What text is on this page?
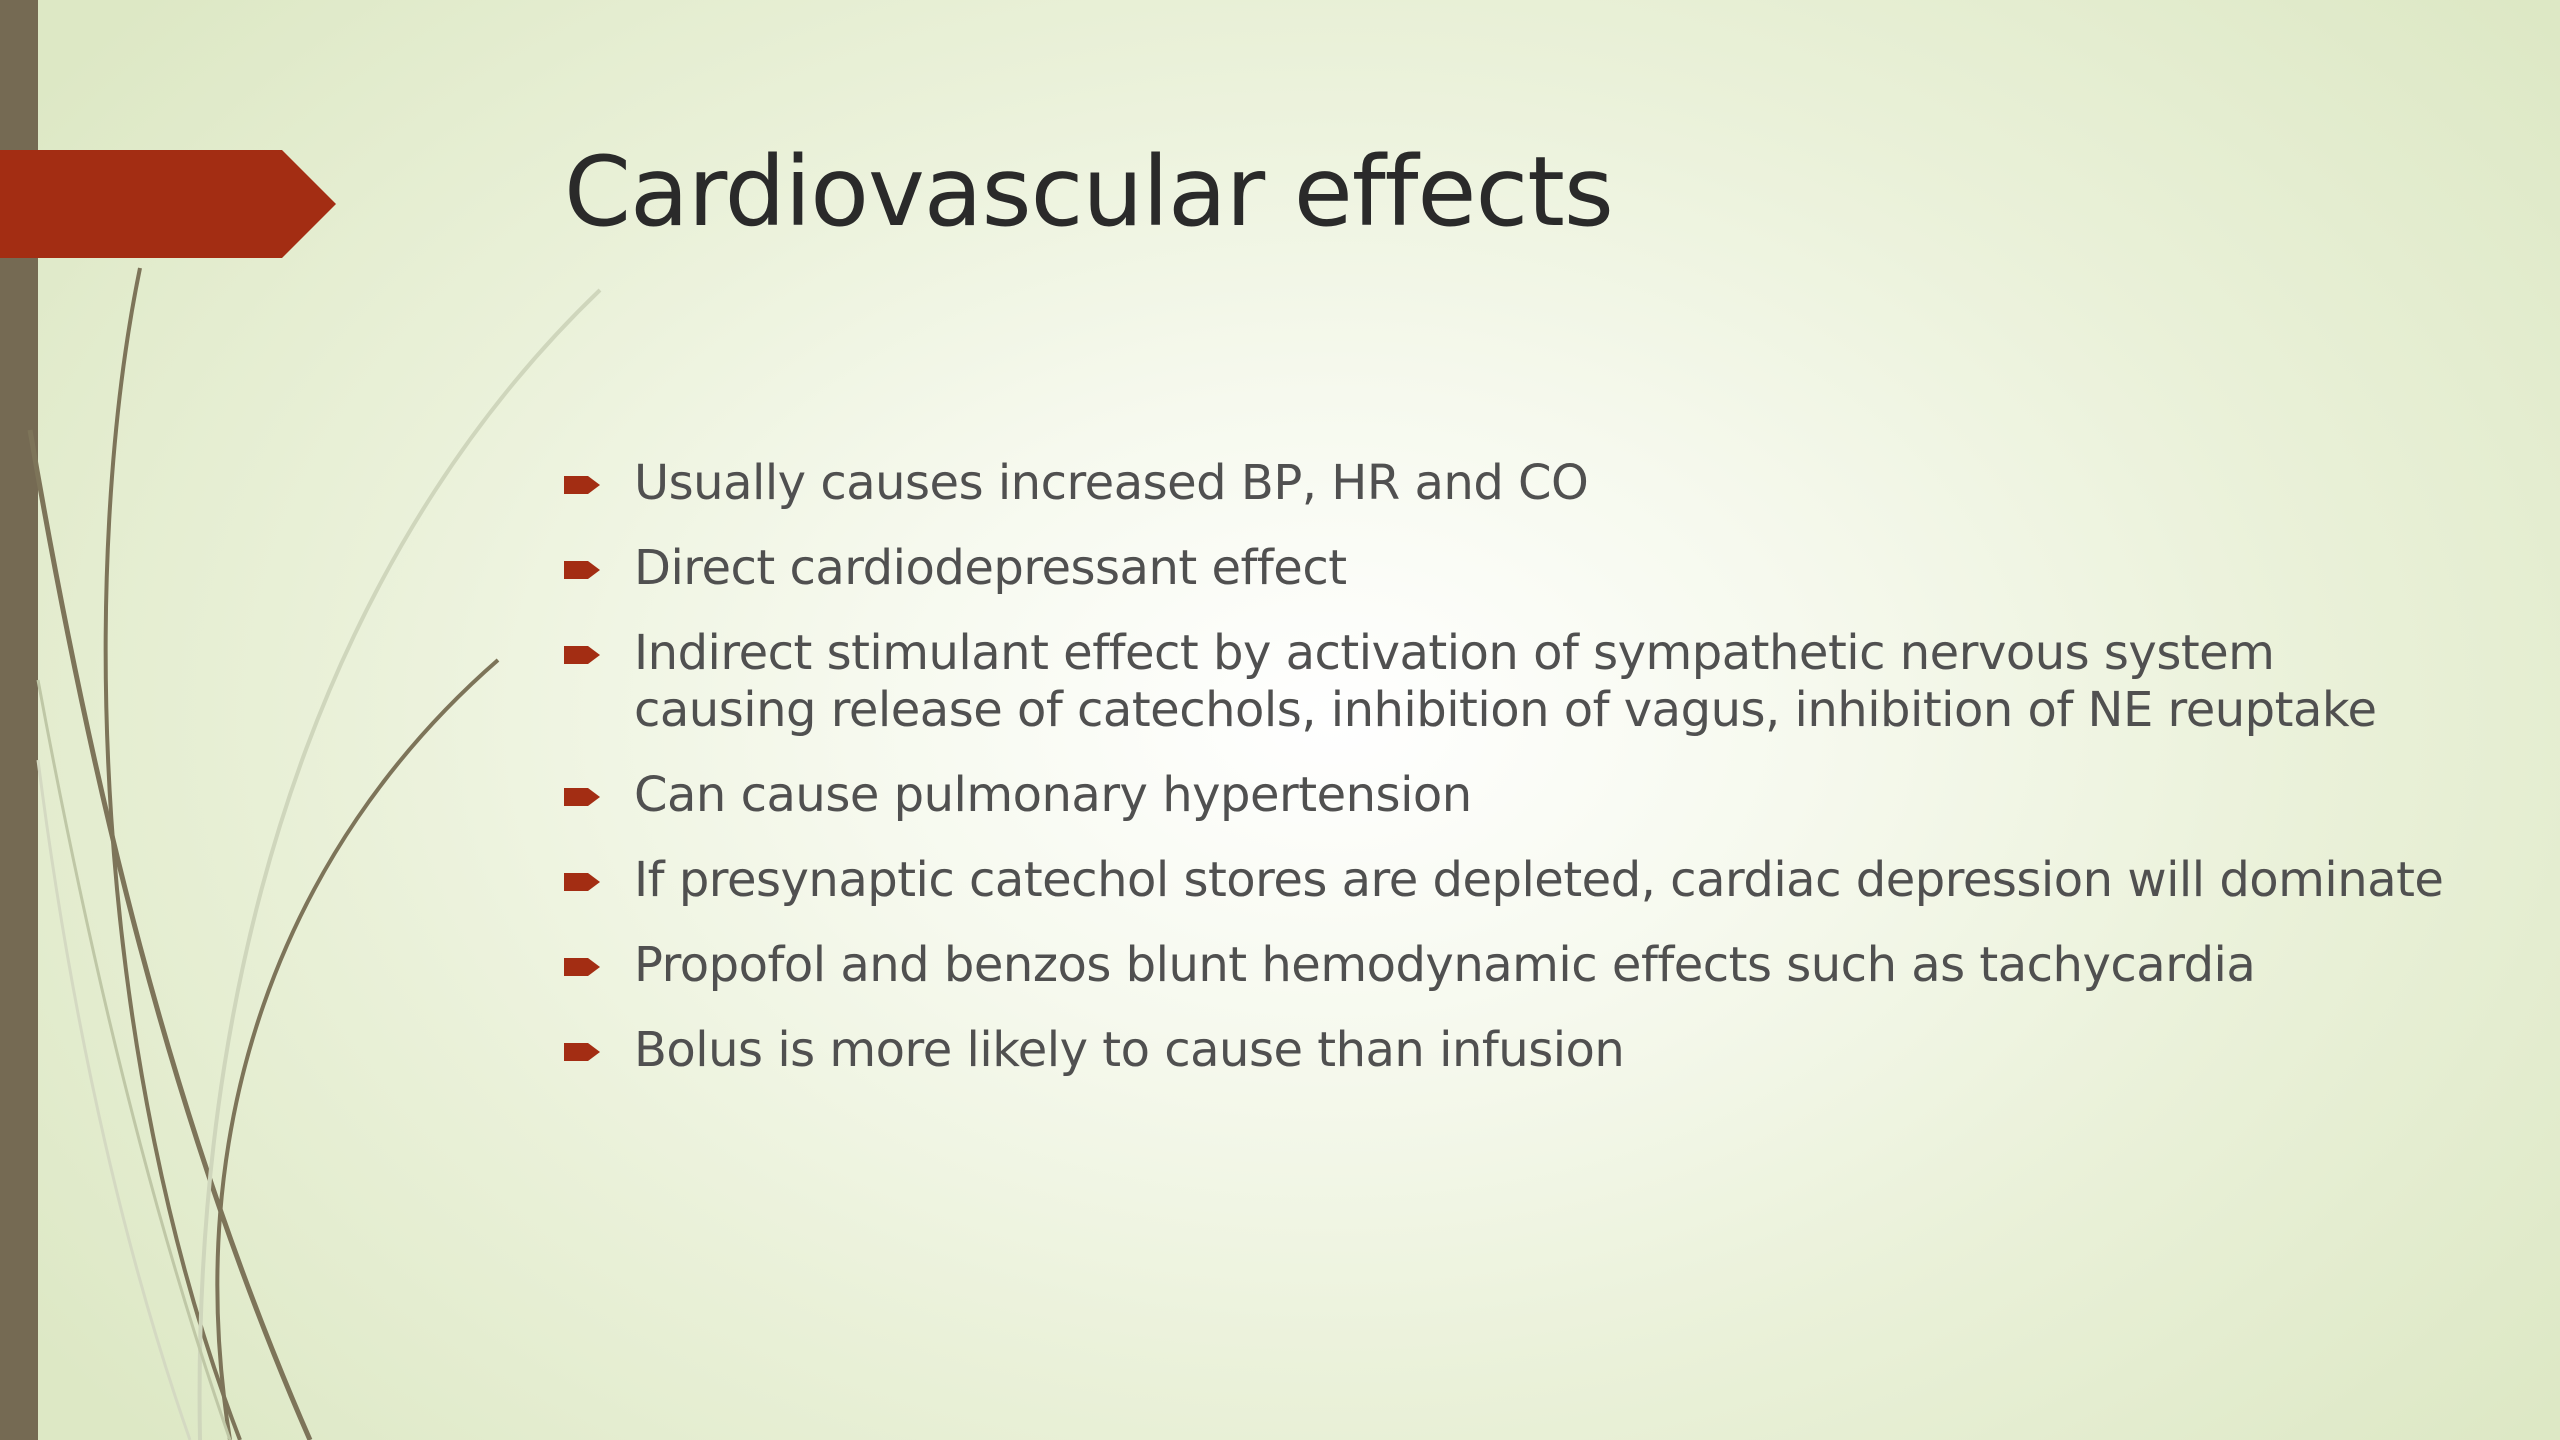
Cardiovascular effects
Usually causes increased BP, HR and CO
Direct cardiodepressant effect
Indirect stimulant effect by activation of sympathetic nervous system causing release of catechols, inhibition of vagus, inhibition of NE reuptake
Can cause pulmonary hypertension
If presynaptic catechol stores are depleted, cardiac depression will dominate
Propofol and benzos blunt hemodynamic effects such as tachycardia
Bolus is more likely to cause than infusion
